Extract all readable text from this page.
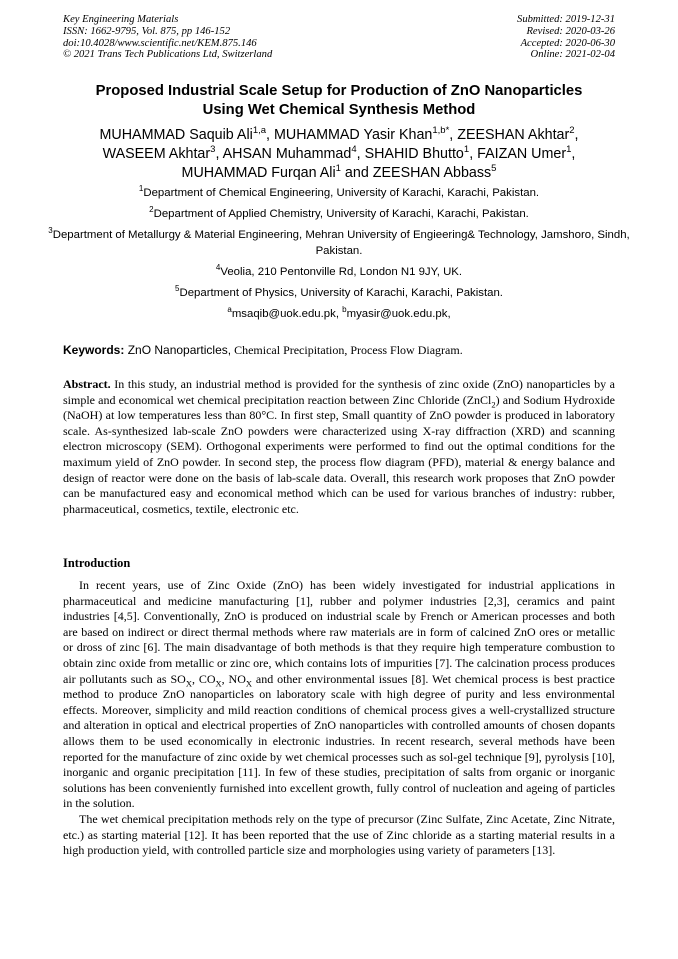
Key Engineering Materials
ISSN: 1662-9795, Vol. 875, pp 146-152
doi:10.4028/www.scientific.net/KEM.875.146
© 2021 Trans Tech Publications Ltd, Switzerland
Submitted: 2019-12-31
Revised: 2020-03-26
Accepted: 2020-06-30
Online: 2021-02-04
Proposed Industrial Scale Setup for Production of ZnO Nanoparticles
Using Wet Chemical Synthesis Method
MUHAMMAD Saquib Ali$^{1,a}$, MUHAMMAD Yasir Khan$^{1,b*}$, ZEESHAN Akhtar$^2$,
WASEEM Akhtar$^3$, AHSAN Muhammad$^4$, SHAHID Bhutto$^1$, FAIZAN Umer$^1$,
MUHAMMAD Furqan Ali$^1$ and ZEESHAN Abbass$^5$
$^1$Department of Chemical Engineering, University of Karachi, Karachi, Pakistan.
$^2$Department of Applied Chemistry, University of Karachi, Karachi, Pakistan.
$^3$Department of Metallurgy & Material Engineering, Mehran University of Engieering& Technology, Jamshoro, Sindh, Pakistan.
$^4$Veolia, 210 Pentonville Rd, London N1 9JY, UK.
$^5$Department of Physics, University of Karachi, Karachi, Pakistan.
$^a$msaqib@uok.edu.pk, $^b$myasir@uok.edu.pk,
Keywords: ZnO Nanoparticles, Chemical Precipitation, Process Flow Diagram.
Abstract. In this study, an industrial method is provided for the synthesis of zinc oxide (ZnO) nanoparticles by a simple and economical wet chemical precipitation reaction between Zinc Chloride (ZnCl$_2$) and Sodium Hydroxide (NaOH) at low temperatures less than 80°C. In first step, Small quantity of ZnO powder is produced in laboratory scale. As-synthesized lab-scale ZnO powders were characterized using X-ray diffraction (XRD) and scanning electron microscopy (SEM). Orthogonal experiments were performed to find out the optimal conditions for the maximum yield of ZnO powder. In second step, the process flow diagram (PFD), material & energy balance and design of reactor were done on the basis of lab-scale data. Overall, this research work proposes that ZnO powder can be manufactured easy and economical method which can be used for various branches of industry: rubber, pharmaceutical, cosmetics, textile, electronic etc.
Introduction

In recent years, use of Zinc Oxide (ZnO) has been widely investigated for industrial applications in pharmaceutical and medicine manufacturing [1], rubber and polymer industries [2,3], ceramics and paint industries [4,5]. Conventionally, ZnO is produced on industrial scale by French or American processes and both are based on indirect or direct thermal methods where raw materials are in form of calcined ZnO ores or metallic or dross of zinc [6]. The main disadvantage of both methods is that they require high temperature combustion to obtain zinc oxide from metallic or zinc ore, which contains lots of impurities [7]. The calcination process produces air pollutants such as $SO_X$, $CO_X$, $NO_X$ and other environmental issues [8]. Wet chemical process is best practice method to produce ZnO nanoparticles on laboratory scale with high degree of purity and less environmental effects. Moreover, simplicity and mild reaction conditions of chemical process gives a well-crystallized structure and alteration in optical and electrical properties of ZnO nanoparticles with controlled amounts of chosen dopants allows them to be used economically in electronic industries. In recent research, several methods have been reported for the manufacture of zinc oxide by wet chemical processes such as sol-gel technique [9], pyrolysis [10], inorganic and organic precipitation [11]. In few of these studies, precipitation of salts from organic or inorganic solutions has been conveniently furnished into excellent growth, fully control of nucleation and ageing of particles in the solution.

The wet chemical precipitation methods rely on the type of precursor (Zinc Sulfate, Zinc Acetate, Zinc Nitrate, etc.) as starting material [12]. It has been reported that the use of Zinc chloride as a starting material results in a high production yield, with controlled particle size and morphologies using variety of parameters [13].
